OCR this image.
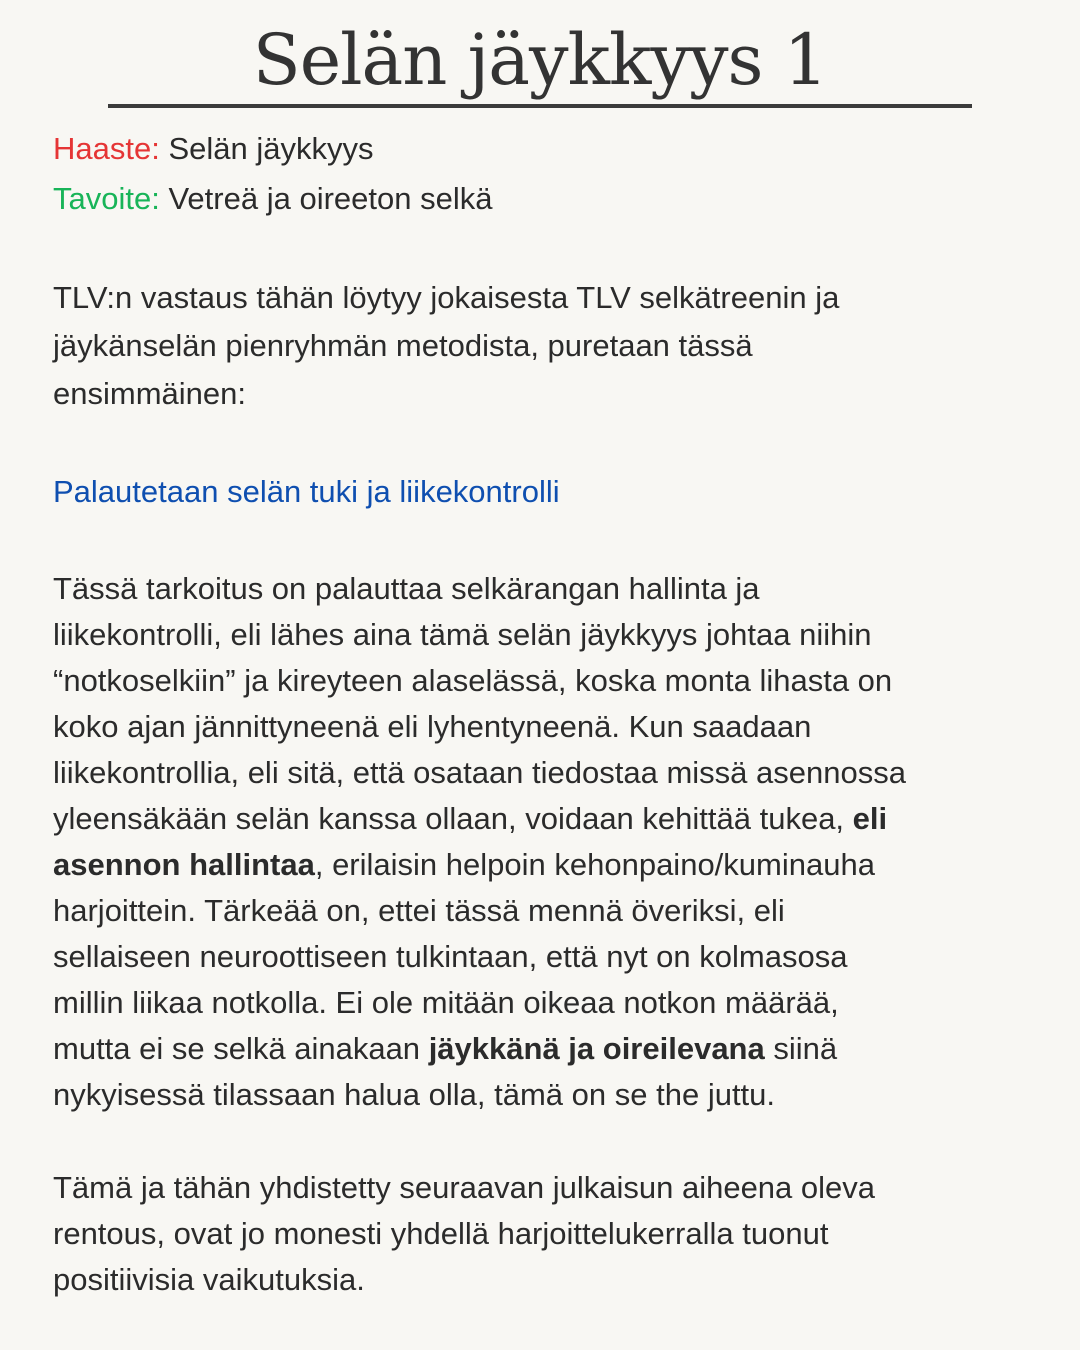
Selän jäykkyys 1
Haaste: Selän jäykkyys
Tavoite: Vetreä ja oireeton selkä
TLV:n vastaus tähän löytyy jokaisesta TLV selkätreenin ja
jäykänselän pienryhmän metodista, puretaan tässä
ensimmäinen:
Palautetaan selän tuki ja liikekontrolli
Tässä tarkoitus on palauttaa selkärangan hallinta ja
liikekontrolli, eli lähes aina tämä selän jäykkyys johtaa niihin
“notkoselkiin” ja kireyteen alaselässä, koska monta lihasta on
koko ajan jännittyneenä eli lyhentyneenä. Kun saadaan
liikekontrollia, eli sitä, että osataan tiedostaa missä asennossa
yleensäkään selän kanssa ollaan, voidaan kehittää tukea, eli
asennon hallintaa, erilaisin helpoin kehonpaino/kuminauha
harjoittein. Tärkeää on, ettei tässä mennä överiksi, eli
sellaiseen neuroottiseen tulkintaan, että nyt on kolmasosa
millin liikaa notkolla. Ei ole mitään oikeaa notkon määrää,
mutta ei se selkä ainakaan jäykkänä ja oireilevana siinä
nykyisessä tilassaan halua olla, tämä on se the juttu.
Tämä ja tähän yhdistetty seuraavan julkaisun aiheena oleva
rentous, ovat jo monesti yhdellä harjoittelukerralla tuonut
positiivisia vaikutuksia.
